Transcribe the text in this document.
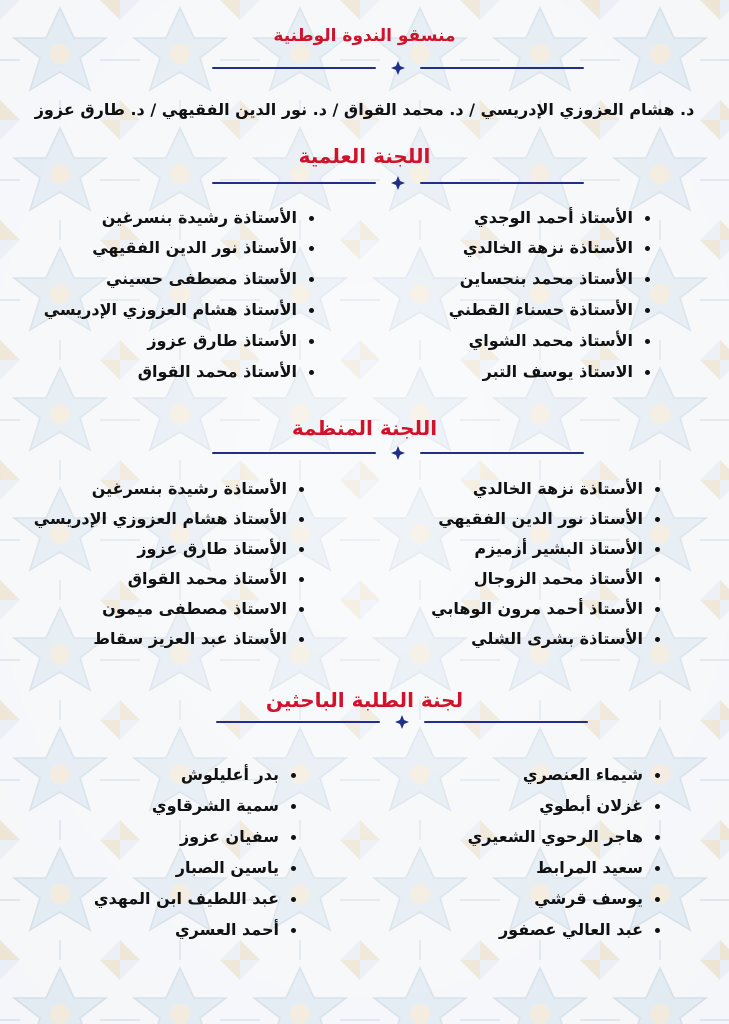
منسقو الندوة الوطنية
د. هشام العزوزي الإدريسي / د. محمد القواق / د. نور الدين الفقيهي / د. طارق عزوز
اللجنة العلمية
الأستاذ أحمد الوجدي
الأستاذة نزهة الخالدي
الأستاذ محمد بنحساين
الأستاذة حسناء القطني
الأستاذ محمد الشواي
الاستاذ يوسف التبر
الأستاذة رشيدة بنسرغين
الأستاذ نور الدين الفقيهي
الأستاذ مصطفى حسيني
الأستاذ هشام العزوزي الإدريسي
الأستاذ طارق عزوز
الأستاذ محمد القواق
اللجنة المنظمة
الأستاذة نزهة الخالدي
الأستاذ نور الدين الفقيهي
الأستاذ البشير أزميزم
الأستاذ محمد الزوجال
الأستاذ أحمد مرون الوهابي
الأستاذة بشرى الشلي
الأستاذة رشيدة بنسرغين
الأستاذ هشام العزوزي الإدريسي
الأستاذ طارق عزوز
الأستاذ محمد القواق
الاستاذ مصطفى ميمون
الأستاذ عبد العزيز سقاط
لجنة الطلبة الباحثين
شيماء العنصري
غزلان أبطوي
هاجر الرحوي الشعيري
سعيد المرابط
يوسف قرشي
عبد العالي عصفور
بدر أعليلوش
سمية الشرقاوي
سفيان عزوز
ياسين الصبار
عبد اللطيف ابن المهدي
أحمد العسري
